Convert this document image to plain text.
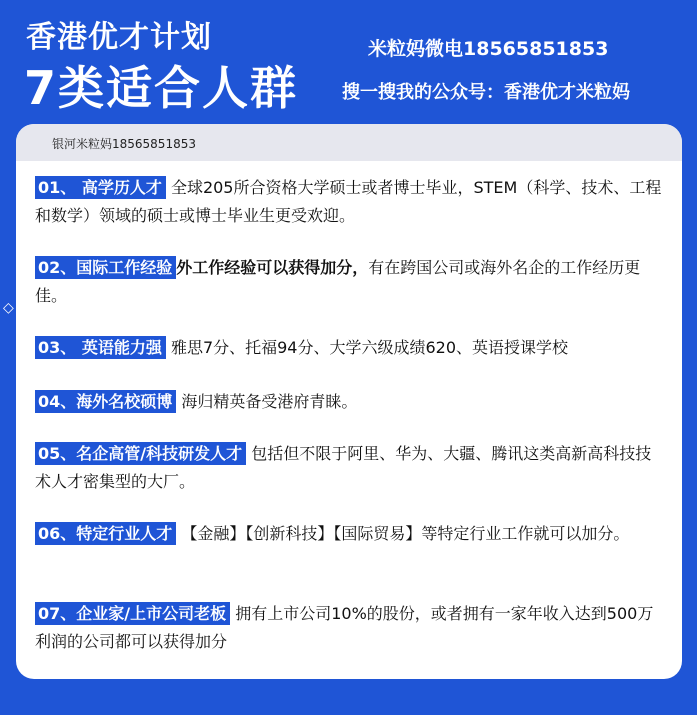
香港优才计划
7类适合人群
米粒妈微电18565851853
搜一搜我的公众号：香港优才米粒妈
◇
银河米粒妈18565851853
01、 高学历人才 全球205所合资格大学硕士或者博士毕业，STEM（科学、技术、工程和数学）领域的硕士或博士毕业生更受欢迎。
02、国际工作经验 外工作经验可以获得加分，有在跨国公司或海外名企的工作经历更佳。
03、 英语能力强 雅思7分、托福94分、大学六级成绩620、英语授课学校
04、海外名校硕博 海归精英备受港府青睐。
05、名企高管/科技研发人才 包括但不限于阿里、华为、大疆、腾讯这类高新高科技技术人才密集型的大厂。
06、特定行业人才 【金融】【创新科技】【国际贸易】等特定行业工作就可以加分。
07、企业家/上市公司老板 拥有上市公司10%的股份，或者拥有一家年收入达到500万利润的公司都可以获得加分
